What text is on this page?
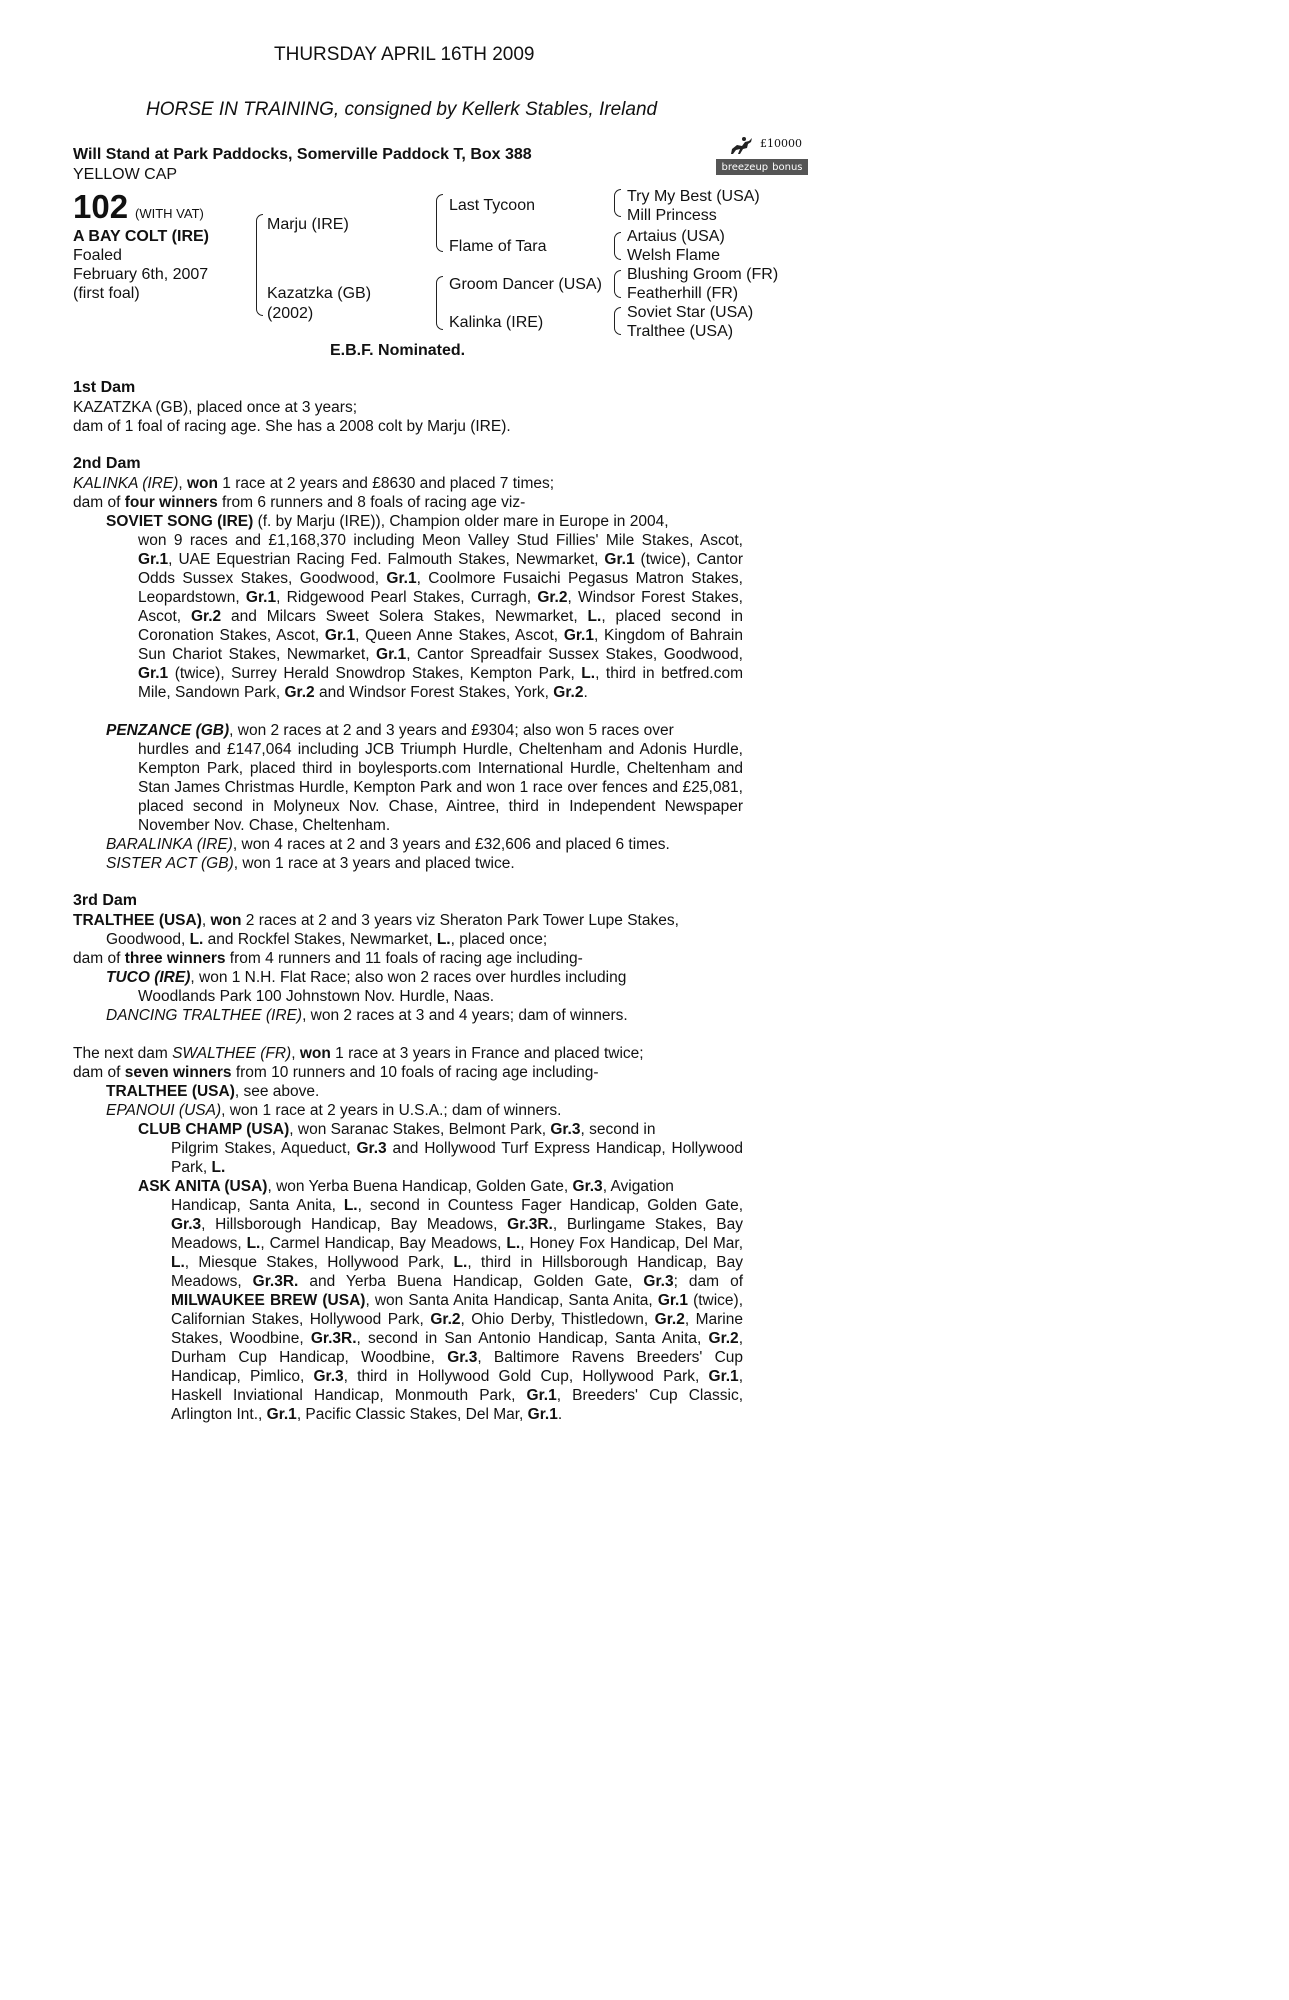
THURSDAY APRIL 16TH 2009
HORSE IN TRAINING, consigned by Kellerk Stables, Ireland
Will Stand at Park Paddocks, Somerville Paddock T, Box 388
YELLOW CAP
£10000
breezeup bonus
102 (WITH VAT)
A BAY COLT (IRE)
Foaled
February 6th, 2007
(first foal)
Marju (IRE)
Kazatzka (GB)
(2002)
Last Tycoon
Flame of Tara
Groom Dancer (USA)
Kalinka (IRE)
Try My Best (USA)
Mill Princess
Artaius (USA)
Welsh Flame
Blushing Groom (FR)
Featherhill (FR)
Soviet Star (USA)
Tralthee (USA)
E.B.F. Nominated.
1st Dam
KAZATZKA (GB), placed once at 3 years;
dam of 1 foal of racing age. She has a 2008 colt by Marju (IRE).
2nd Dam
KALINKA (IRE), won 1 race at 2 years and £8630 and placed 7 times;
dam of four winners from 6 runners and 8 foals of racing age viz-
SOVIET SONG (IRE) (f. by Marju (IRE)), Champion older mare in Europe in 2004,
won 9 races and £1,168,370 including Meon Valley Stud Fillies' Mile Stakes, Ascot, Gr.1, UAE Equestrian Racing Fed. Falmouth Stakes, Newmarket, Gr.1 (twice), Cantor Odds Sussex Stakes, Goodwood, Gr.1, Coolmore Fusaichi Pegasus Matron Stakes, Leopardstown, Gr.1, Ridgewood Pearl Stakes, Curragh, Gr.2, Windsor Forest Stakes, Ascot, Gr.2 and Milcars Sweet Solera Stakes, Newmarket, L., placed second in Coronation Stakes, Ascot, Gr.1, Queen Anne Stakes, Ascot, Gr.1, Kingdom of Bahrain Sun Chariot Stakes, Newmarket, Gr.1, Cantor Spreadfair Sussex Stakes, Goodwood, Gr.1 (twice), Surrey Herald Snowdrop Stakes, Kempton Park, L., third in betfred.com Mile, Sandown Park, Gr.2 and Windsor Forest Stakes, York, Gr.2.
PENZANCE (GB), won 2 races at 2 and 3 years and £9304; also won 5 races over
hurdles and £147,064 including JCB Triumph Hurdle, Cheltenham and Adonis Hurdle, Kempton Park, placed third in boylesports.com International Hurdle, Cheltenham and Stan James Christmas Hurdle, Kempton Park and won 1 race over fences and £25,081, placed second in Molyneux Nov. Chase, Aintree, third in Independent Newspaper November Nov. Chase, Cheltenham.
BARALINKA (IRE), won 4 races at 2 and 3 years and £32,606 and placed 6 times.
SISTER ACT (GB), won 1 race at 3 years and placed twice.
3rd Dam
TRALTHEE (USA), won 2 races at 2 and 3 years viz Sheraton Park Tower Lupe Stakes,
Goodwood, L. and Rockfel Stakes, Newmarket, L., placed once;
dam of three winners from 4 runners and 11 foals of racing age including-
TUCO (IRE), won 1 N.H. Flat Race; also won 2 races over hurdles including
Woodlands Park 100 Johnstown Nov. Hurdle, Naas.
DANCING TRALTHEE (IRE), won 2 races at 3 and 4 years; dam of winners.
The next dam SWALTHEE (FR), won 1 race at 3 years in France and placed twice;
dam of seven winners from 10 runners and 10 foals of racing age including-
TRALTHEE (USA), see above.
EPANOUI (USA), won 1 race at 2 years in U.S.A.; dam of winners.
CLUB CHAMP (USA), won Saranac Stakes, Belmont Park, Gr.3, second in
Pilgrim Stakes, Aqueduct, Gr.3 and Hollywood Turf Express Handicap, Hollywood Park, L.
ASK ANITA (USA), won Yerba Buena Handicap, Golden Gate, Gr.3, Avigation
Handicap, Santa Anita, L., second in Countess Fager Handicap, Golden Gate, Gr.3, Hillsborough Handicap, Bay Meadows, Gr.3R., Burlingame Stakes, Bay Meadows, L., Carmel Handicap, Bay Meadows, L., Honey Fox Handicap, Del Mar, L., Miesque Stakes, Hollywood Park, L., third in Hillsborough Handicap, Bay Meadows, Gr.3R. and Yerba Buena Handicap, Golden Gate, Gr.3; dam of MILWAUKEE BREW (USA), won Santa Anita Handicap, Santa Anita, Gr.1 (twice), Californian Stakes, Hollywood Park, Gr.2, Ohio Derby, Thistledown, Gr.2, Marine Stakes, Woodbine, Gr.3R., second in San Antonio Handicap, Santa Anita, Gr.2, Durham Cup Handicap, Woodbine, Gr.3, Baltimore Ravens Breeders' Cup Handicap, Pimlico, Gr.3, third in Hollywood Gold Cup, Hollywood Park, Gr.1, Haskell Inviational Handicap, Monmouth Park, Gr.1, Breeders' Cup Classic, Arlington Int., Gr.1, Pacific Classic Stakes, Del Mar, Gr.1.
